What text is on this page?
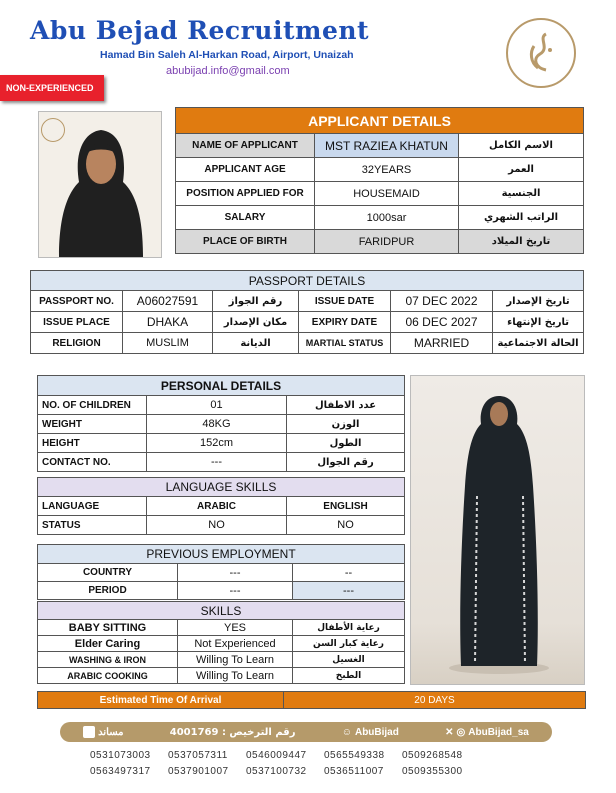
Abu Bejad Recruitment
Hamad Bin Saleh Al-Harkan Road, Airport, Unaizah
abubijad.info@gmail.com
NON-EXPERIENCED
APPLICANT DETAILS		
NAME OF APPLICANT	MST RAZIEA KHATUN	الاسم الكامل
APPLICANT AGE	32YEARS	العمر
POSITION APPLIED FOR	HOUSEMAID	الجنسية
SALARY	1000sar	الراتب الشهري
PLACE OF BIRTH	FARIDPUR	تاريخ الميلاد
PASSPORT DETAILS					
PASSPORT NO.	A06027591	رقم الجواز	ISSUE DATE	07 DEC 2022	تاريخ الإصدار
ISSUE PLACE	DHAKA	مكان الإصدار	EXPIRY DATE	06 DEC 2027	تاريخ الإنتهاء
RELIGION	MUSLIM	الديانة	MARTIAL STATUS	MARRIED	الحالة الاجتماعية
PERSONAL DETAILS		
NO. OF CHILDREN	01	عدد الاطفال
WEIGHT	48KG	الوزن
HEIGHT	152cm	الطول
CONTACT NO.	---	رقم الجوال
LANGUAGE SKILLS		
LANGUAGE	ARABIC	ENGLISH
STATUS	NO	NO
PREVIOUS EMPLOYMENT		
COUNTRY	---	--
PERIOD	---	---
SKILLS		
BABY SITTING	YES	رعاية الأطفال
Elder Caring	Not Experienced	رعاية كبار السن
WASHING & IRON	Willing To Learn	الغسيل
ARABIC COOKING	Willing To Learn	الطبخ
Estimated Time Of Arrival	20 DAYS
مساند	رقم الترخيص : 4001769	☺ AbuBijad	✕ ◎ AbuBijad_sa
0531073003	0537057311	0546009447	0565549338	0509268548
0563497317	0537901007	0537100732	0536511007	0509355300
